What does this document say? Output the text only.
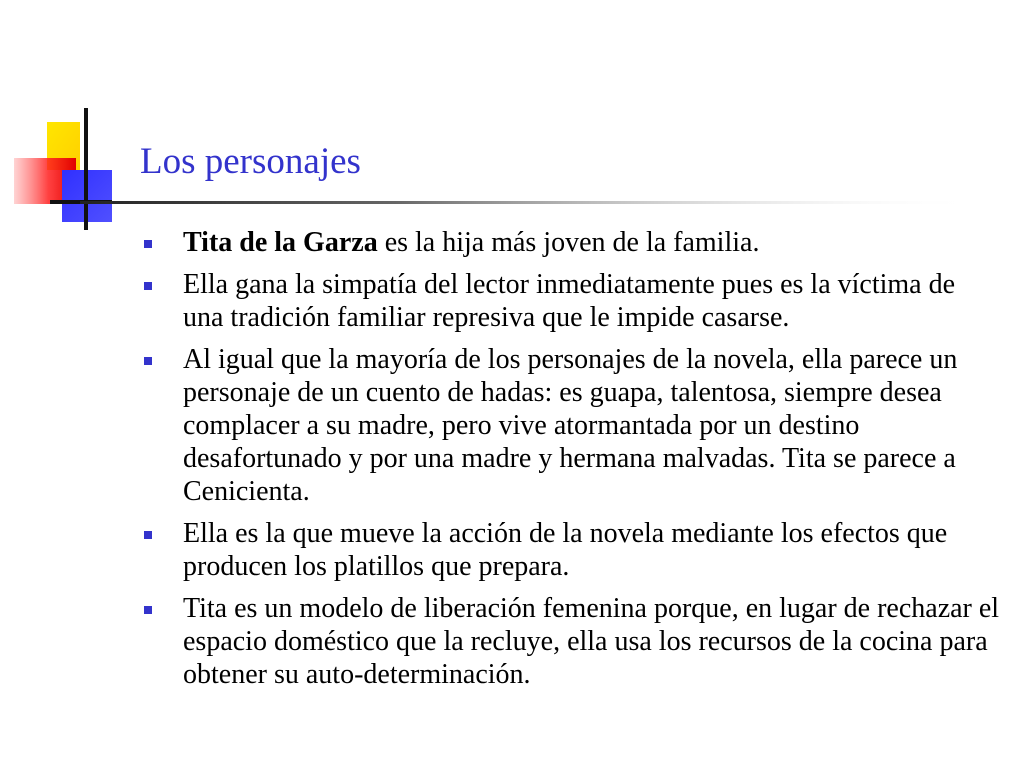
Los personajes
Tita de la Garza es la hija más joven de la familia.
Ella gana la simpatía del lector inmediatamente pues es la víctima de una tradición familiar represiva que le impide casarse.
Al igual que la mayoría de los personajes de la novela, ella parece un personaje de un cuento de hadas: es guapa, talentosa, siempre desea complacer a su madre, pero vive atormantada por un destino desafortunado y por una madre y hermana malvadas. Tita se parece a Cenicienta.
Ella es la que mueve la acción de la novela mediante los efectos que producen los platillos que prepara.
Tita es un modelo de liberación femenina porque, en lugar de rechazar el espacio doméstico que la recluye, ella usa los recursos de la cocina para obtener su auto-determinación.
